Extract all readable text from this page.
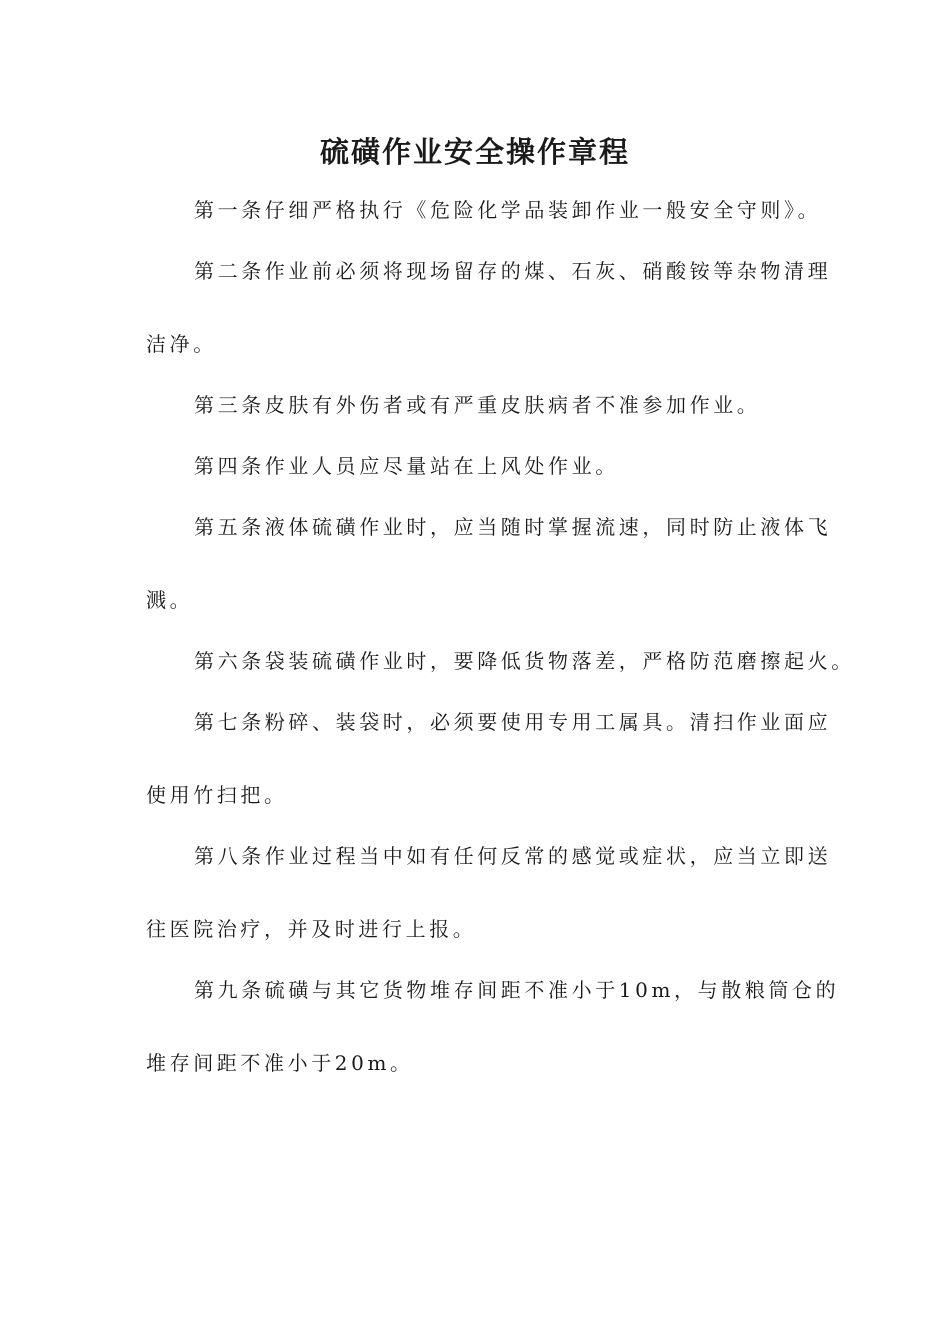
硫磺作业安全操作章程

第一条仔细严格执行《危险化学品装卸作业一般安全守则》。

第二条作业前必须将现场留存的煤、石灰、硝酸铵等杂物清理

洁净。

第三条皮肤有外伤者或有严重皮肤病者不准参加作业。

第四条作业人员应尽量站在上风处作业。

第五条液体硫磺作业时，应当随时掌握流速，同时防止液体飞

溅。

第六条袋装硫磺作业时，要降低货物落差，严格防范磨擦起火。

第七条粉碎、装袋时，必须要使用专用工属具。清扫作业面应

使用竹扫把。

第八条作业过程当中如有任何反常的感觉或症状，应当立即送

往医院治疗，并及时进行上报。

第九条硫磺与其它货物堆存间距不准小于10m，与散粮筒仓的

堆存间距不准小于20m。
